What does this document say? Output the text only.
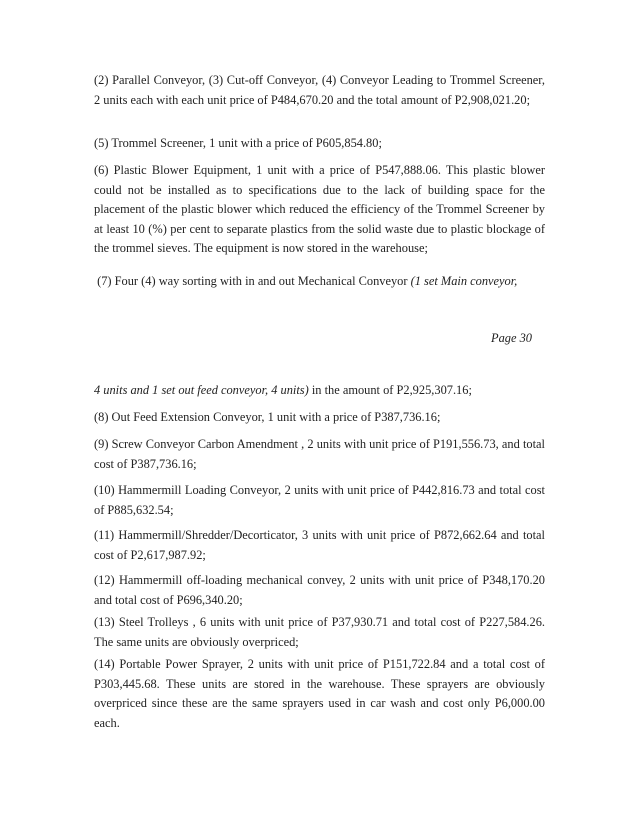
(2) Parallel Conveyor, (3) Cut-off Conveyor, (4) Conveyor Leading to Trommel Screener, 2 units each with each unit price of P484,670.20 and the total amount of P2,908,021.20;

(5) Trommel Screener, 1 unit with a price of P605,854.80;

(6) Plastic Blower Equipment, 1 unit with a price of P547,888.06. This plastic blower could not be installed as to specifications due to the lack of building space for the placement of the plastic blower which reduced the efficiency of the Trommel Screener by at least 10 (%) per cent to separate plastics from the solid waste due to plastic blockage of the trommel sieves. The equipment is now stored in the warehouse;

(7) Four (4) way sorting with in and out Mechanical Conveyor (1 set Main conveyor,

Page 30

4 units and 1 set out feed conveyor, 4 units) in the amount of P2,925,307.16;

(8) Out Feed Extension Conveyor, 1 unit with a price of P387,736.16;

(9) Screw Conveyor Carbon Amendment , 2 units with unit price of P191,556.73, and total cost of P387,736.16;

(10) Hammermill Loading Conveyor, 2 units with unit price of P442,816.73 and total cost of P885,632.54;

(11) Hammermill/Shredder/Decorticator, 3 units with unit price of P872,662.64 and total cost of P2,617,987.92;

(12) Hammermill off-loading mechanical convey, 2 units with unit price of P348,170.20 and total cost of P696,340.20;

(13) Steel Trolleys , 6 units with unit price of P37,930.71 and total cost of P227,584.26. The same units are obviously overpriced;

(14) Portable Power Sprayer, 2 units with unit price of P151,722.84 and a total cost of P303,445.68. These units are stored in the warehouse. These sprayers are obviously overpriced since these are the same sprayers used in car wash and cost only P6,000.00 each.
